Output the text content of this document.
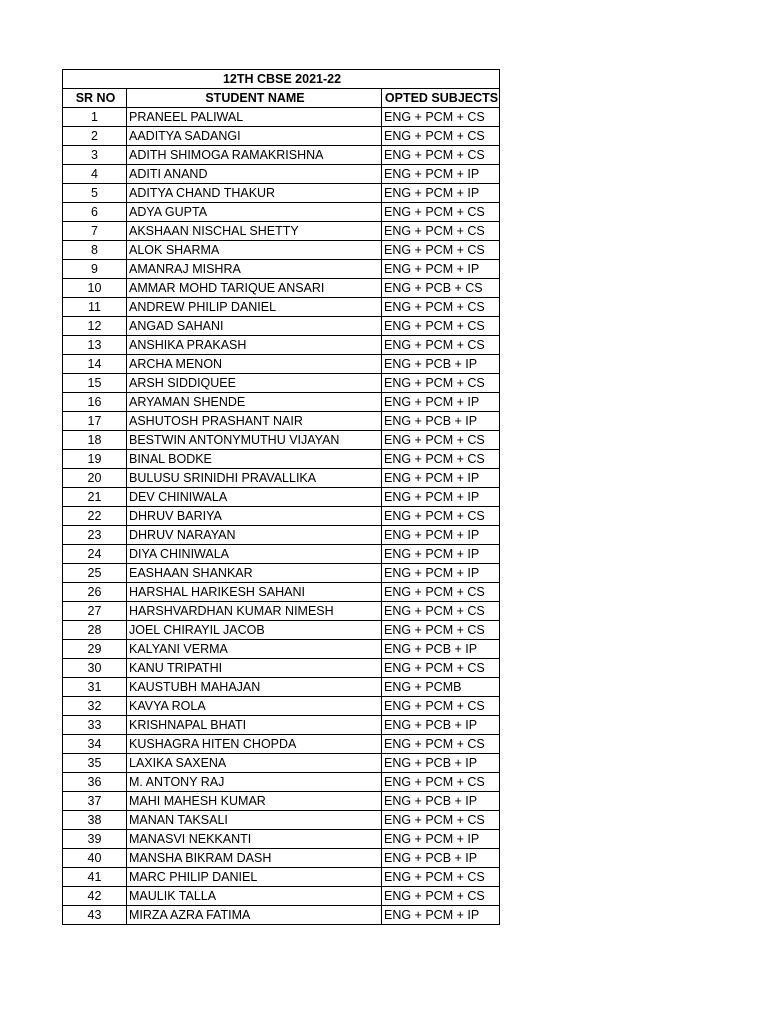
12TH CBSE 2021-22		
SR NO	STUDENT NAME	OPTED SUBJECTS
1	PRANEEL PALIWAL	ENG + PCM + CS
2	AADITYA SADANGI	ENG + PCM + CS
3	ADITH SHIMOGA RAMAKRISHNA	ENG + PCM + CS
4	ADITI ANAND	ENG + PCM + IP
5	ADITYA CHAND THAKUR	ENG + PCM + IP
6	ADYA GUPTA	ENG + PCM + CS
7	AKSHAAN NISCHAL SHETTY	ENG + PCM + CS
8	ALOK SHARMA	ENG + PCM + CS
9	AMANRAJ MISHRA	ENG + PCM + IP
10	AMMAR MOHD TARIQUE ANSARI	ENG + PCB + CS
11	ANDREW PHILIP DANIEL	ENG + PCM + CS
12	ANGAD SAHANI	ENG + PCM + CS
13	ANSHIKA PRAKASH	ENG + PCM + CS
14	ARCHA MENON	ENG + PCB + IP
15	ARSH SIDDIQUEE	ENG + PCM + CS
16	ARYAMAN SHENDE	ENG + PCM + IP
17	ASHUTOSH PRASHANT NAIR	ENG + PCB + IP
18	BESTWIN ANTONYMUTHU VIJAYAN	ENG + PCM + CS
19	BINAL BODKE	ENG + PCM + CS
20	BULUSU SRINIDHI PRAVALLIKA	ENG + PCM + IP
21	DEV CHINIWALA	ENG + PCM + IP
22	DHRUV BARIYA	ENG + PCM + CS
23	DHRUV NARAYAN	ENG + PCM + IP
24	DIYA CHINIWALA	ENG + PCM + IP
25	EASHAAN SHANKAR	ENG + PCM + IP
26	HARSHAL HARIKESH SAHANI	ENG + PCM + CS
27	HARSHVARDHAN KUMAR NIMESH	ENG + PCM + CS
28	JOEL CHIRAYIL JACOB	ENG + PCM + CS
29	KALYANI VERMA	ENG + PCB + IP
30	KANU TRIPATHI	ENG + PCM + CS
31	KAUSTUBH MAHAJAN	ENG + PCMB
32	KAVYA ROLA	ENG + PCM + CS
33	KRISHNAPAL BHATI	ENG + PCB + IP
34	KUSHAGRA HITEN CHOPDA	ENG + PCM + CS
35	LAXIKA SAXENA	ENG + PCB + IP
36	M. ANTONY RAJ	ENG + PCM + CS
37	MAHI MAHESH KUMAR	ENG + PCB + IP
38	MANAN TAKSALI	ENG + PCM + CS
39	MANASVI NEKKANTI	ENG + PCM + IP
40	MANSHA BIKRAM DASH	ENG + PCB + IP
41	MARC PHILIP DANIEL	ENG + PCM + CS
42	MAULIK TALLA	ENG + PCM + CS
43	MIRZA AZRA FATIMA	ENG + PCM + IP
